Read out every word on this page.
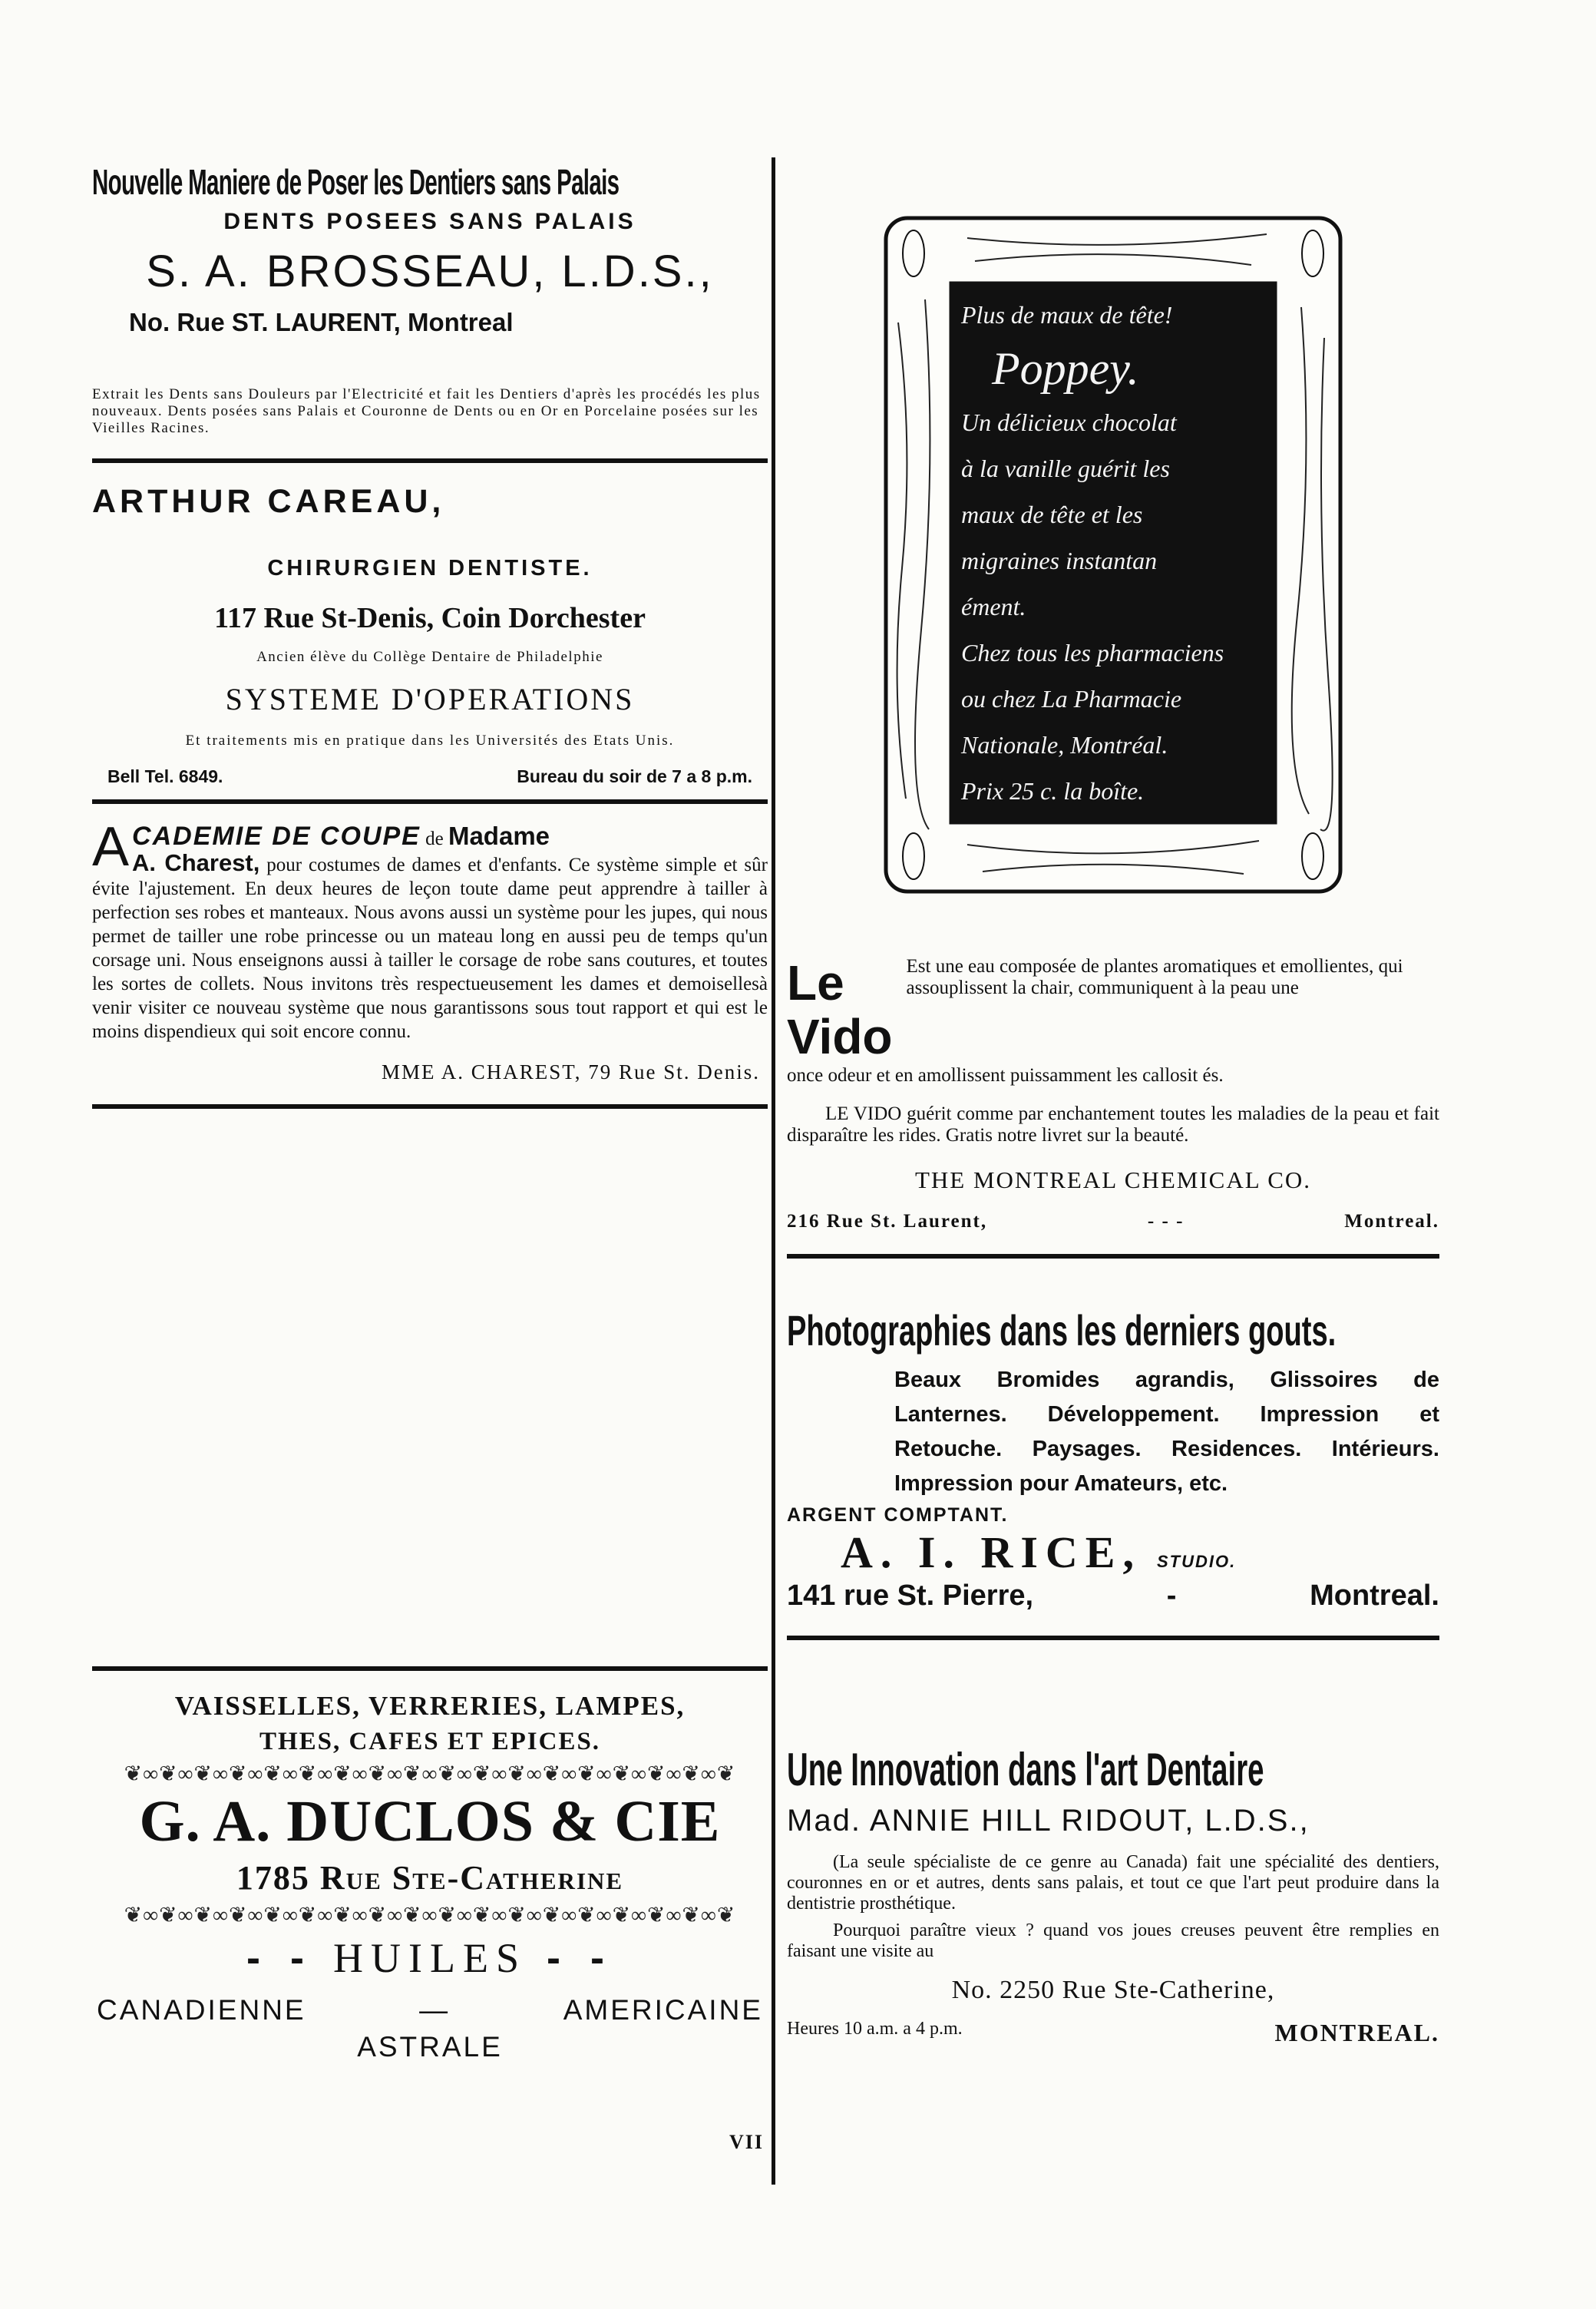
Nouvelle Maniere de Poser les Dentiers sans Palais
DENTS POSEES SANS PALAIS
S. A. BROSSEAU, L.D.S.,
No. Rue ST. LAURENT, Montreal

Extrait les Dents sans Douleurs par l'Electricité et fait les Dentiers d'après les procédés les plus nouveaux. Dents posées sans Palais et Couronne de Dents ou en Or en Porcelaine posées sur les Vieilles Racines.

ARTHUR CAREAU,
CHIRURGIEN DENTISTE.
117 Rue St-Denis, Coin Dorchester
Ancien élève du Collège Dentaire de Philadelphie
SYSTEME D'OPERATIONS
Et traitements mis en pratique dans les Universités des Etats Unis.
Bell Tel. 6849.	Bureau du soir de 7 a 8 p.m.

ACADEMIE DE COUPE de Madame
A. Charest, pour costumes de dames et d'enfants. Ce système simple et sûr évite l'ajustement. En deux heures de leçon toute dame peut apprendre à tailler à perfection ses robes et manteaux. Nous avons aussi un système pour les jupes, qui nous permet de tailler une robe princesse ou un mateau long en aussi peu de temps qu'un corsage uni. Nous enseignons aussi à tailler le corsage de robe sans coutures, et toutes les sortes de collets. Nous invitons très respectueusement les dames et demoisellesà venir visiter ce nouveau système que nous garantissons sous tout rapport et qui est le moins dispendieux qui soit encore connu.

MME A. CHAREST, 79 Rue St. Denis.
VAISSELLES, VERRERIES, LAMPES,
THES, CAFES ET EPICES.
❦∞❦∞❦∞❦∞❦∞❦∞❦∞❦∞❦∞❦∞❦∞❦∞❦∞❦∞❦∞❦∞❦∞❦
G. A. DUCLOS & CIE
1785 Rue Ste-Catherine
❦∞❦∞❦∞❦∞❦∞❦∞❦∞❦∞❦∞❦∞❦∞❦∞❦∞❦∞❦∞❦∞❦∞❦
- - HUILES - -
CANADIENNE	—	AMERICAINE
ASTRALE
Plus de maux de tête!
Poppey.
Un délicieux chocolat
à la vanille guérit les
maux de tête et les
migraines instantan
ément.
Chez tous les pharmaciens
ou chez La Pharmacie
Nationale, Montréal.
Prix 25 c. la boîte.
Le Vido

Est une eau composée de plantes aromatiques et emollientes, qui assouplissent la chair, communiquent à la peau une

once odeur et en amollissent puissamment les callosit és.

LE VIDO guérit comme par enchantement toutes les maladies de la peau et fait disparaître les rides. Gratis notre livret sur la beauté.

THE MONTREAL CHEMICAL CO.
216 Rue St. Laurent,	- - -	Montreal.
Photographies dans les derniers gouts.

Beaux Bromides agrandis, Glissoires de Lanternes. Développement. Impression et Retouche. Paysages. Residences. Intérieurs. Impression pour Amateurs, etc.

ARGENT COMPTANT.
A. I. RICE, STUDIO.
141 rue St. Pierre,	-	Montreal.
Une Innovation dans l'art Dentaire
Mad. ANNIE HILL RIDOUT, L.D.S.,

(La seule spécialiste de ce genre au Canada) fait une spécialité des dentiers, couronnes en or et autres, dents sans palais, et tout ce que l'art peut produire dans la dentistrie prosthétique.

Pourquoi paraître vieux ? quand vos joues creuses peuvent être remplies en faisant une visite au

No. 2250 Rue Ste-Catherine,
Heures 10 a.m. a 4 p.m.	MONTREAL.
VII
